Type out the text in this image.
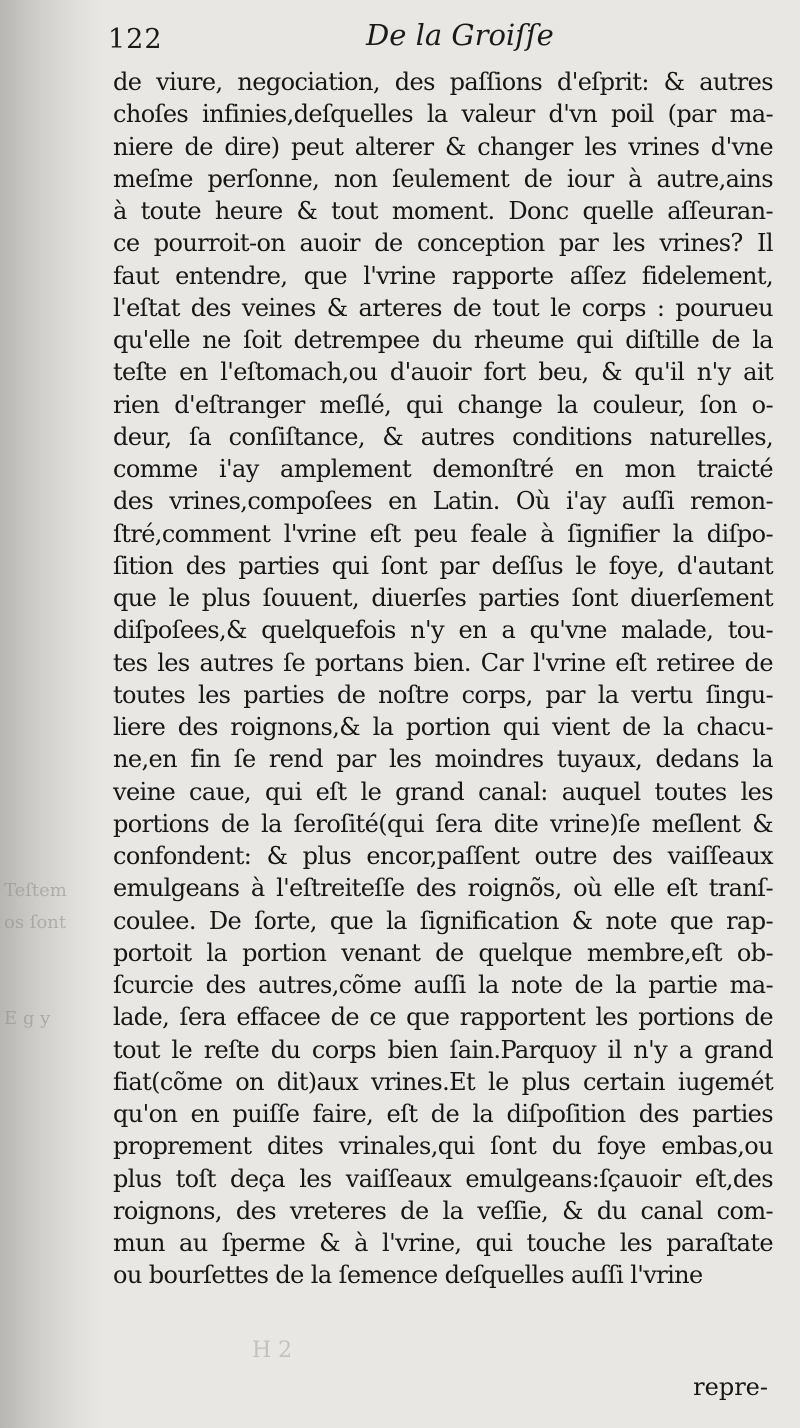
Teſtem
os ſont
E g y
122	De la Groiſſe
de viure, negociation, des paſſions d'eſprit: & autres
choſes infinies,deſquelles la valeur d'vn poil (par ma-
niere de dire) peut alterer & changer les vrines d'vne
meſme perſonne, non ſeulement de iour à autre,ains
à toute heure & tout moment. Donc quelle aſſeuran-
ce pourroit-on auoir de conception par les vrines? Il
faut entendre, que l'vrine rapporte aſſez fidelement,
l'eſtat des veines & arteres de tout le corps : pourueu
qu'elle ne ſoit detrempee du rheume qui diſtille de la
teſte en l'eſtomach,ou d'auoir fort beu, & qu'il n'y ait
rien d'eſtranger meſlé, qui change la couleur, ſon o-
deur, ſa conſiſtance, & autres conditions naturelles,
comme i'ay amplement demonſtré en mon traicté
des vrines,compoſees en Latin. Où i'ay auſſi remon-
ſtré,comment l'vrine eſt peu feale à ſignifier la diſpo-
ſition des parties qui ſont par deſſus le foye, d'autant
que le plus ſouuent, diuerſes parties ſont diuerſement
diſpoſees,& quelquefois n'y en a qu'vne malade, tou-
tes les autres ſe portans bien. Car l'vrine eſt retiree de
toutes les parties de noſtre corps, par la vertu ſingu-
liere des roignons,& la portion qui vient de la chacu-
ne,en fin ſe rend par les moindres tuyaux, dedans la
veine caue, qui eſt le grand canal: auquel toutes les
portions de la ſeroſité(qui ſera dite vrine)ſe meſlent &
confondent: & plus encor,paſſent outre des vaiſſeaux
emulgeans à l'eſtreiteſſe des roignõs, où elle eſt tranſ-
coulee. De ſorte, que la ſignification & note que rap-
portoit la portion venant de quelque membre,eſt ob-
ſcurcie des autres,cõme auſſi la note de la partie ma-
lade, ſera effacee de ce que rapportent les portions de
tout le reſte du corps bien ſain.Parquoy il n'y a grand
fiat(cõme on dit)aux vrines.Et le plus certain iugemét
qu'on en puiſſe faire, eſt de la diſpoſition des parties
proprement dites vrinales,qui ſont du foye embas,ou
plus toſt deça les vaiſſeaux emulgeans:ſçauoir eſt,des
roignons, des vreteres de la veſſie, & du canal com-
mun au ſperme & à l'vrine, qui touche les paraſtate
ou bourſettes de la ſemence deſquelles auſſi l'vrine
H 2
repre-
